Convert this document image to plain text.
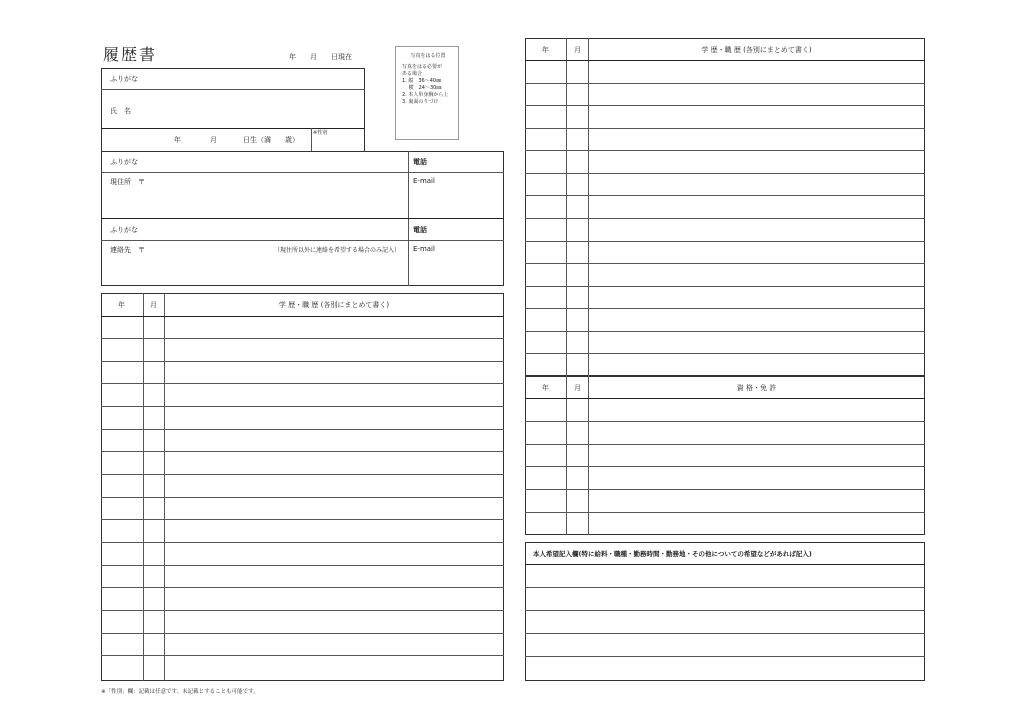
履歴書	年　　月　　日現在	写真をはる位置
写真をはる必要が
ある場合
1. 縦　36〜40㎜
　 横　24〜30㎜
2. 本人単身胸から上
3. 裏面のりづけ
ふりがな
氏　名
年	月	日生（満　　歳）
※性別
ふりがな
現住所　〒
電話
E-mail
ふりがな
連絡先　〒	（現住所以外に連絡を希望する場合のみ記入）
電話
E-mail
年	月	学 歴・職 歴 (各別にまとめて書く)
※「性別」欄：記載は任意です。未記載とすることも可能です。
年	月	学 歴・職 歴 (各別にまとめて書く)
年	月	資 格・免 許
本人希望記入欄(特に給料・職種・勤務時間・勤務地・その他についての希望などがあれば記入)
